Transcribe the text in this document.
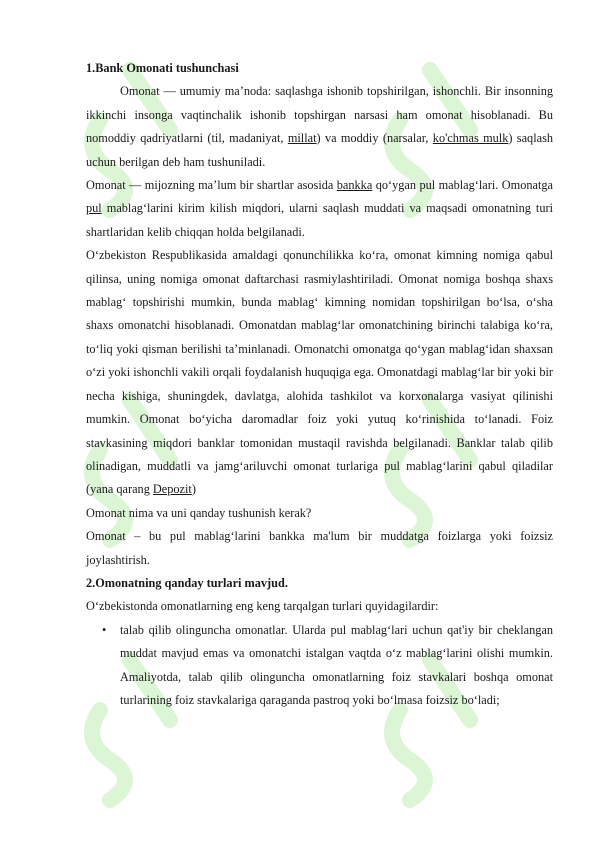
1.Bank Omonati tushunchasi

Omonat — umumiy ma’noda: saqlashga ishonib topshirilgan, ishonchli. Bir insonning ikkinchi insonga vaqtinchalik ishonib topshirgan narsasi ham omonat hisoblanadi. Bu nomoddiy qadriyatlarni (til, madaniyat, millat) va moddiy (narsalar, ko'chmas mulk) saqlash uchun berilgan deb ham tushuniladi.

Omonat — mijozning ma’lum bir shartlar asosida bankka qo‘ygan pul mablag‘lari. Omonatga pul mablag‘larini kirim kilish miqdori, ularni saqlash muddati va maqsadi omonatning turi shartlaridan kelib chiqqan holda belgilanadi.

O‘zbekiston Respublikasida amaldagi qonunchilikka ko‘ra, omonat kimning nomiga qabul qilinsa, uning nomiga omonat daftarchasi rasmiylashtiriladi. Omonat nomiga boshqa shaxs mablag‘ topshirishi mumkin, bunda mablag‘ kimning nomidan topshirilgan bo‘lsa, o‘sha shaxs omonatchi hisoblanadi. Omonatdan mablag‘lar omonatchining birinchi talabiga ko‘ra, to‘liq yoki qisman berilishi ta’minlanadi. Omonatchi omonatga qo‘ygan mablag‘idan shaxsan o‘zi yoki ishonchli vakili orqali foydalanish huquqiga ega. Omonatdagi mablag‘lar bir yoki bir necha kishiga, shuningdek, davlatga, alohida tashkilot va korxonalarga vasiyat qilinishi mumkin. Omonat bo‘yicha daromadlar foiz yoki yutuq ko‘rinishida to‘lanadi. Foiz stavkasining miqdori banklar tomonidan mustaqil ravishda belgilanadi. Banklar talab qilib olinadigan, muddatli va jamg‘ariluvchi omonat turlariga pul mablag‘larini qabul qiladilar (yana qarang Depozit)

Omonat nima va uni qanday tushunish kerak?

Omonat – bu pul mablag‘larini bankka ma'lum bir muddatga foizlarga yoki foizsiz joylashtirish.

2.Omonatning qanday turlari mavjud.

O‘zbekistonda omonatlarning eng keng tarqalgan turlari quyidagilardir:

• talab qilib olinguncha omonatlar. Ularda pul mablag‘lari uchun qat'iy bir cheklangan muddat mavjud emas va omonatchi istalgan vaqtda o‘z mablag‘larini olishi mumkin. Amaliyotda, talab qilib olinguncha omonatlarning foiz stavkalari boshqa omonat turlarining foiz stavkalariga qaraganda pastroq yoki bo‘lmasa foizsiz bo‘ladi;
